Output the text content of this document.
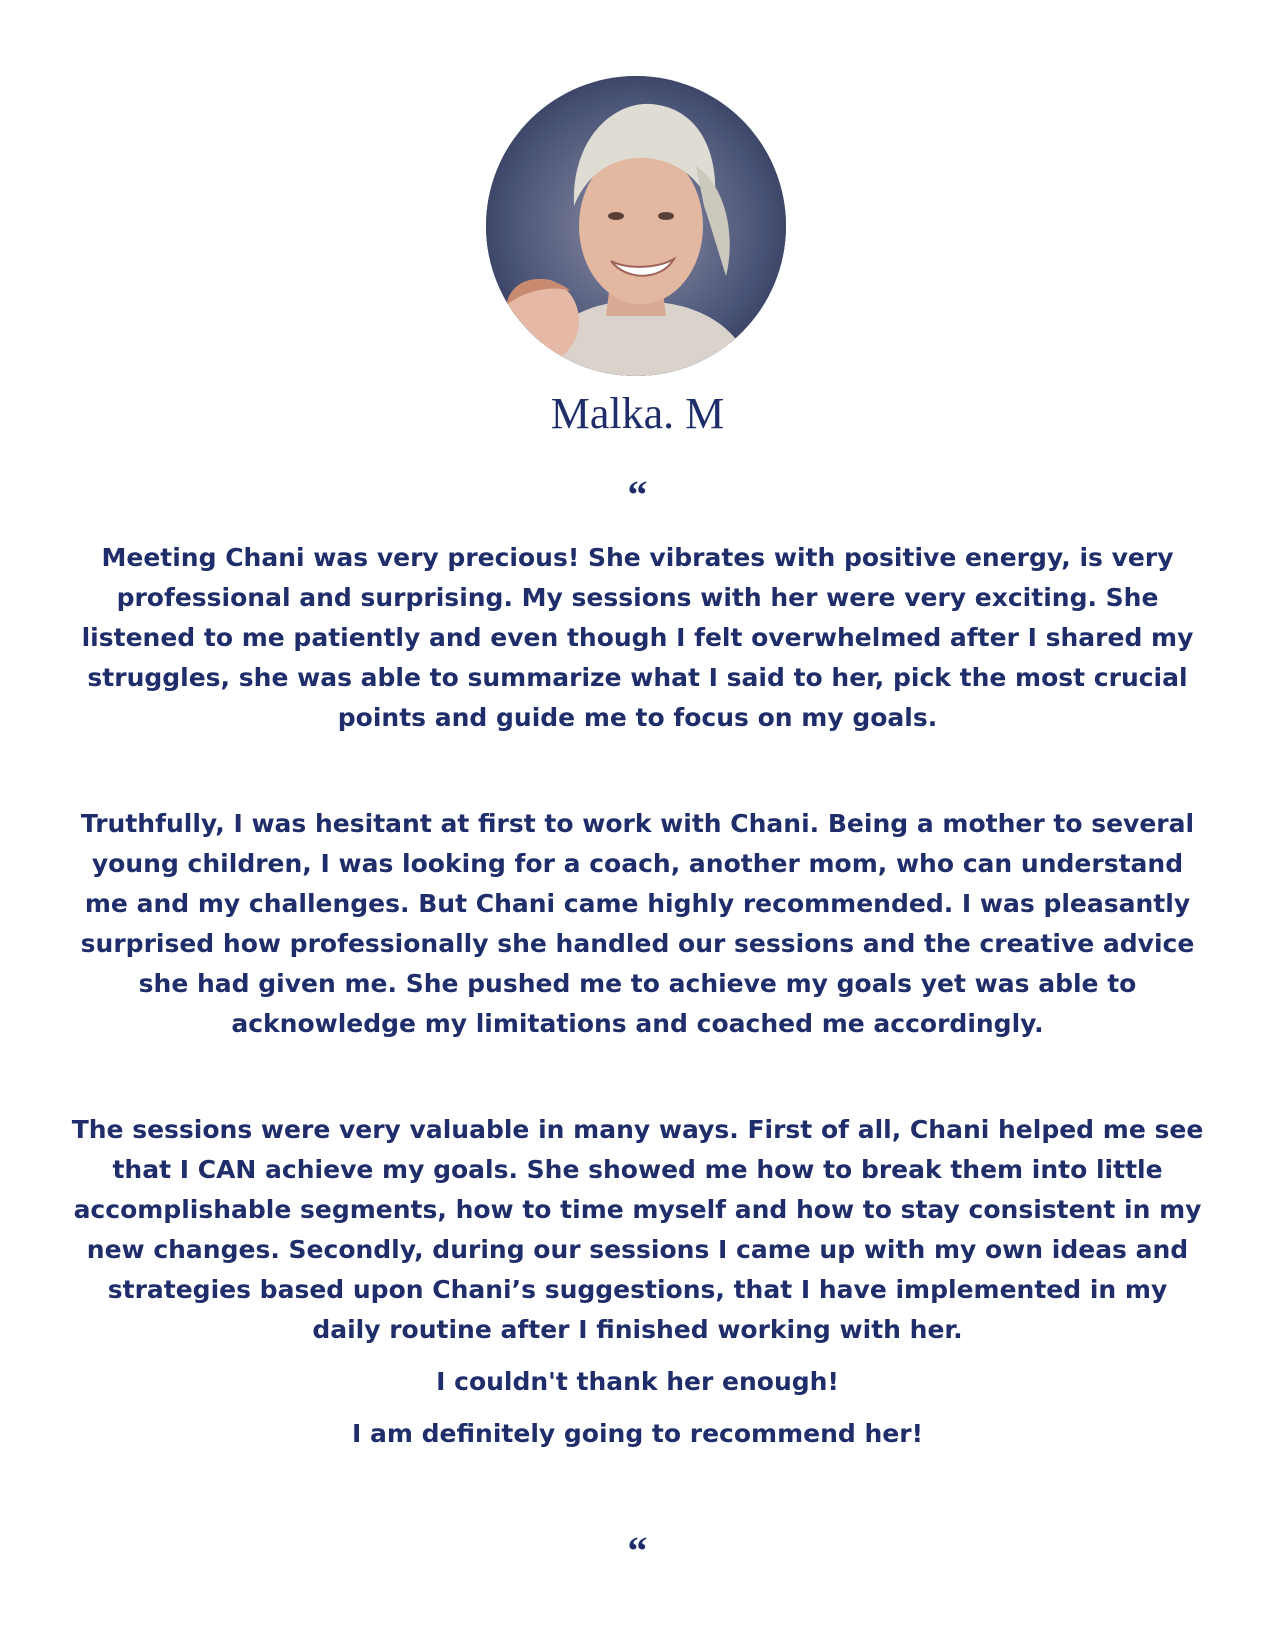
Malka. M
“

Meeting Chani was very precious! She vibrates with positive energy, is very professional and surprising. My sessions with her were very exciting. She listened to me patiently and even though I felt overwhelmed after I shared my struggles, she was able to summarize what I said to her, pick the most crucial points and guide me to focus on my goals.

Truthfully, I was hesitant at first to work with Chani. Being a mother to several young children, I was looking for a coach, another mom, who can understand me and my challenges. But Chani came highly recommended. I was pleasantly surprised how professionally she handled our sessions and the creative advice she had given me. She pushed me to achieve my goals yet was able to acknowledge my limitations and coached me accordingly.

The sessions were very valuable in many ways. First of all, Chani helped me see that I CAN achieve my goals. She showed me how to break them into little accomplishable segments, how to time myself and how to stay consistent in my new changes. Secondly, during our sessions I came up with my own ideas and strategies based upon Chani’s suggestions, that I have implemented in my daily routine after I finished working with her.

I couldn't thank her enough!

I am definitely going to recommend her!

“
